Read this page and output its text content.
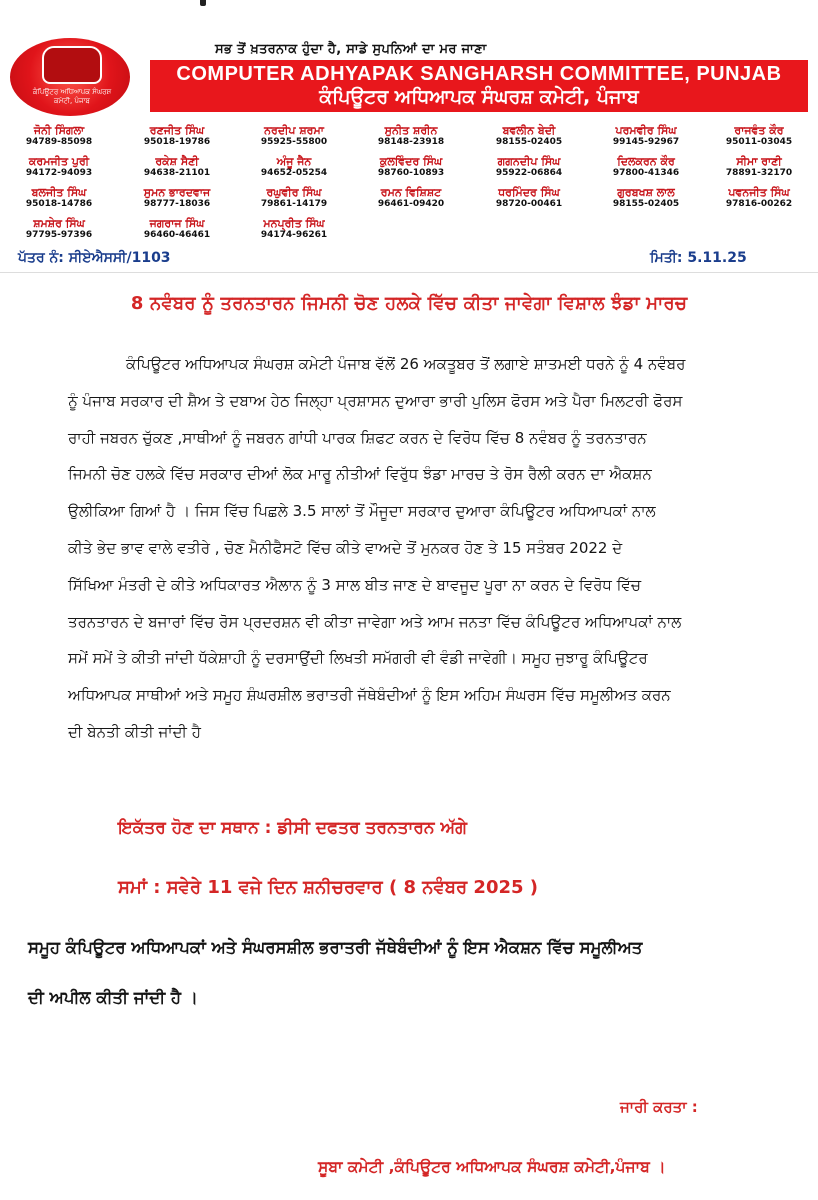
ਕੰਪਿਊਟਰ ਅਧਿਆਪਕ ਸੰਘਰਸ਼ ਕਮੇਟੀ, ਪੰਜਾਬ
ਸਭ ਤੋਂ ਖ਼ਤਰਨਾਕ ਹੁੰਦਾ ਹੈ, ਸਾਡੇ ਸੁਪਨਿਆਂ ਦਾ ਮਰ ਜਾਣਾ
COMPUTER ADHYAPAK SANGHARSH COMMITTEE, PUNJAB
ਕੰਪਿਊਟਰ ਅਧਿਆਪਕ ਸੰਘਰਸ਼ ਕਮੇਟੀ, ਪੰਜਾਬ
ਜੋਨੀ ਸਿੰਗਲਾ
94789-85098
ਰਣਜੀਤ ਸਿੰਘ
95018-19786
ਨਰਦੀਪ ਸ਼ਰਮਾ
95925-55800
ਸੁਨੀਤ ਸ਼ਰੀਨ
98148-23918
ਬਵਲੀਨ ਬੇਦੀ
98155-02405
ਪਰਮਵੀਰ ਸਿੰਘ
99145-92967
ਰਾਜਵੰਤ ਕੌਰ
95011-03045
ਕਰਮਜੀਤ ਪੁਰੀ
94172-94093
ਰਕੇਸ਼ ਸੈਣੀ
94638-21101
ਅੰਜੂ ਜੈਨ
94652-05254
ਕੁਲਵਿੰਦਰ ਸਿੰਘ
98760-10893
ਗਗਨਦੀਪ ਸਿੰਘ
95922-06864
ਦਿਲਕਰਨ ਕੌਰ
97800-41346
ਸੀਮਾ ਰਾਣੀ
78891-32170
ਬਲਜੀਤ ਸਿੰਘ
95018-14786
ਸੁਮਨ ਭਾਰਦਵਾਜ
98777-18036
ਰਘੁਵੀਰ ਸਿੰਘ
79861-14179
ਰਮਨ ਵਿਸ਼ਿਸ਼ਟ
96461-09420
ਧਰਮਿੰਦਰ ਸਿੰਘ
98720-00461
ਗੁਰਬਖਸ਼ ਲਾਲ
98155-02405
ਪਵਨਜੀਤ ਸਿੰਘ
97816-00262
ਸ਼ਮਸ਼ੇਰ ਸਿੰਘ
97795-97396
ਜਗਰਾਜ ਸਿੰਘ
96460-46461
ਮਨਪ੍ਰੀਤ ਸਿੰਘ
94174-96261
ਪੱਤਰ ਨੰ: ਸੀਏਐਸਸੀ/1103	ਮਿਤੀ: 5.11.25
8 ਨਵੰਬਰ ਨੂੰ ਤਰਨਤਾਰਨ ਜਿਮਨੀ ਚੋਣ ਹਲਕੇ ਵਿੱਚ ਕੀਤਾ ਜਾਵੇਗਾ ਵਿਸ਼ਾਲ ਝੰਡਾ ਮਾਰਚ
ਕੰਪਿਊਟਰ ਅਧਿਆਪਕ ਸੰਘਰਸ਼ ਕਮੇਟੀ ਪੰਜਾਬ ਵੱਲੋਂ 26 ਅਕਤੂਬਰ ਤੋਂ ਲਗਾਏ ਸ਼ਾਤਮਈ ਧਰਨੇ ਨੂੰ 4 ਨਵੰਬਰ
ਨੂੰ ਪੰਜਾਬ ਸਰਕਾਰ ਦੀ ਸ਼ੈਅ ਤੇ ਦਬਾਅ ਹੇਠ ਜਿਲ੍ਹਾ ਪ੍ਰਸ਼ਾਸਨ ਦੁਆਰਾ ਭਾਰੀ ਪੁਲਿਸ ਫੋਰਸ ਅਤੇ ਪੈਰਾ ਮਿਲਟਰੀ ਫੋਰਸ
ਰਾਹੀ ਜਬਰਨ ਚੁੱਕਣ ,ਸਾਥੀਆਂ ਨੂੰ ਜਬਰਨ ਗਾਂਧੀ ਪਾਰਕ ਸ਼ਿਫਟ ਕਰਨ ਦੇ ਵਿਰੋਧ ਵਿੱਚ 8 ਨਵੰਬਰ ਨੂੰ ਤਰਨਤਾਰਨ
ਜਿਮਨੀ ਚੋਣ ਹਲਕੇ ਵਿੱਚ ਸਰਕਾਰ ਦੀਆਂ ਲੋਕ ਮਾਰੂ ਨੀਤੀਆਂ ਵਿਰੁੱਧ ਝੰਡਾ ਮਾਰਚ ਤੇ ਰੋਸ ਰੈਲੀ ਕਰਨ ਦਾ ਐਕਸ਼ਨ
ਉਲੀਕਿਆ ਗਿਆਂ ਹੈ । ਜਿਸ ਵਿੱਚ ਪਿਛਲੇ 3.5 ਸਾਲਾਂ ਤੋਂ ਮੌਜੂਦਾ ਸਰਕਾਰ ਦੁਆਰਾ ਕੰਪਿਊਟਰ ਅਧਿਆਪਕਾਂ ਨਾਲ
ਕੀਤੇ ਭੇਦ ਭਾਵ ਵਾਲੇ ਵਤੀਰੇ , ਚੋਣ ਮੈਨੀਫੈਸਟੋ ਵਿੱਚ ਕੀਤੇ ਵਾਅਦੇ ਤੋਂ ਮੁਨਕਰ ਹੋਣ ਤੇ 15 ਸਤੰਬਰ 2022 ਦੇ
ਸਿੱਖਿਆ ਮੰਤਰੀ ਦੇ ਕੀਤੇ ਅਧਿਕਾਰਤ ਐਲਾਨ ਨੂੰ 3 ਸਾਲ ਬੀਤ ਜਾਣ ਦੇ ਬਾਵਜੂਦ ਪੂਰਾ ਨਾ ਕਰਨ ਦੇ ਵਿਰੋਧ ਵਿੱਚ
ਤਰਨਤਾਰਨ ਦੇ ਬਜਾਰਾਂ ਵਿੱਚ ਰੋਸ ਪ੍ਰਦਰਸ਼ਨ ਵੀ ਕੀਤਾ ਜਾਵੇਗਾ ਅਤੇ ਆਮ ਜਨਤਾ ਵਿੱਚ ਕੰਪਿਊਟਰ ਅਧਿਆਪਕਾਂ ਨਾਲ
ਸਮੇਂ ਸਮੇਂ ਤੇ ਕੀਤੀ ਜਾਂਦੀ ਧੱਕੇਸ਼ਾਹੀ ਨੂੰ ਦਰਸਾਉਂਦੀ ਲਿਖਤੀ ਸਮੱਗਰੀ ਵੀ ਵੰਡੀ ਜਾਵੇਗੀ। ਸਮੂਹ ਜੁਝਾਰੂ ਕੰਪਿਊਟਰ
ਅਧਿਆਪਕ ਸਾਥੀਆਂ ਅਤੇ ਸਮੂਹ ਸ਼ੰਘਰਸ਼ੀਲ ਭਰਾਤਰੀ ਜੱਥੇਬੰਦੀਆਂ ਨੂੰ ਇਸ ਅਹਿਮ ਸੰਘਰਸ ਵਿੱਚ ਸਮੂਲੀਅਤ ਕਰਨ
ਦੀ ਬੇਨਤੀ ਕੀਤੀ ਜਾਂਦੀ ਹੈ
ਇਕੱਤਰ ਹੋਣ ਦਾ ਸਥਾਨ : ਡੀਸੀ ਦਫਤਰ ਤਰਨਤਾਰਨ ਅੱਗੇ
ਸਮਾਂ : ਸਵੇਰੇ 11 ਵਜੇ ਦਿਨ ਸ਼ਨੀਚਰਵਾਰ ( 8 ਨਵੰਬਰ 2025 )
ਸਮੂਹ ਕੰਪਿਊਟਰ ਅਧਿਆਪਕਾਂ ਅਤੇ ਸੰਘਰਸਸ਼ੀਲ ਭਰਾਤਰੀ ਜੱਥੇਬੰਦੀਆਂ ਨੂੰ ਇਸ ਐਕਸ਼ਨ ਵਿੱਚ ਸਮੂਲੀਅਤ
ਦੀ ਅਪੀਲ ਕੀਤੀ ਜਾਂਦੀ ਹੈ ।
ਜਾਰੀ ਕਰਤਾ :
ਸੂਬਾ ਕਮੇਟੀ ,ਕੰਪਿਊਟਰ ਅਧਿਆਪਕ ਸੰਘਰਸ਼ ਕਮੇਟੀ,ਪੰਜਾਬ ।
